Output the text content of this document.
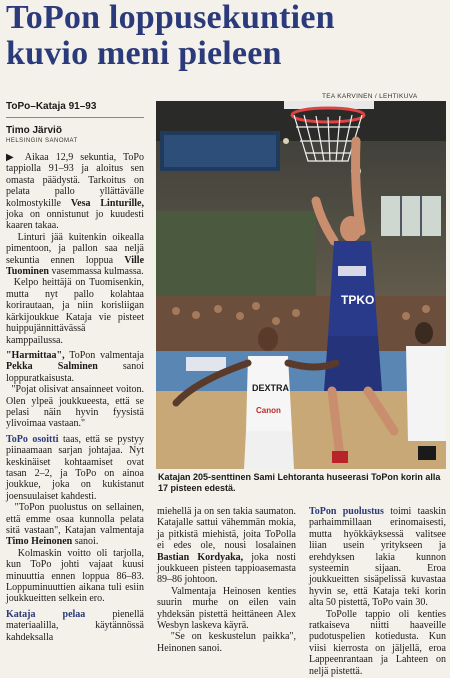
ToPon loppusekuntien
kuvio meni pieleen
TEA KARVINEN / LEHTIKUVA
ToPo–Kataja 91–93
Timo Järviö
HELSINGIN SANOMAT

▶ Aikaa 12,9 sekuntia, ToPo tappiolla 91–93 ja aloitus sen omasta päädystä. Tarkoitus on pelata pallo yllättävälle kolmostykille Vesa Linturille, joka on onnistunut jo kuudesti kaaren takaa.

Linturi jää kuitenkin oikealla pimentoon, ja pallon saa neljä sekuntia ennen loppua Ville Tuominen vasemmassa kulmassa.

Kelpo heittäjä on Tuomisenkin, mutta nyt pallo kolahtaa korirautaan, ja niin korisliigan kärkijoukkue Kataja vie pisteet huippujännittävässä kamppailussa.

"Harmittaa", ToPon valmentaja Pekka Salminen	sanoi loppuratkaisusta.

"Pojat olisivat ansainneet voiton. Olen ylpeä joukkueesta, että se pelasi näin hyvin fyysistä ylivoimaa vastaan."

ToPo osoitti taas, että se pystyy piinaamaan sarjan johtajaa. Nyt keskinäiset kohtaamiset ovat tasan 2–2, ja ToPo on ainoa joukkue, joka on kukistanut joensuulaiset kahdesti.

"ToPon puolustus on sellainen, että emme osaa kunnolla pelata sitä vastaan", Katajan valmentaja Timo Heinonen sanoi.

Kolmaskin voitto oli tarjolla, kun ToPo johti vajaat kuusi minuuttia ennen loppua 86–83. Loppuminuuttien aikana tuli esiin joukkueitten selkein ero.

Kataja pelaa	pienellä materiaalilla, käytännössä kahdeksalla

TPKO
DEXTRA
Canon
Katajan 205-senttinen Sami Lehtoranta huseerasi ToPon korin alla 17 pisteen edestä.

miehellä ja on sen takia saumaton. Katajalle sattui vähemmän mokia, ja pitkistä miehistä, joita ToPolla ei edes ole, nousi losalainen Bastian Kordyaka, joka nosti joukkueen pisteen tappioasemasta 89–86 johtoon.

Valmentaja Heinosen kenties suurin murhe on eilen vain yhdeksän pistettä heittäneen Alex Wesbyn laskeva käyrä.

"Se on keskustelun paikka", Heinonen sanoi.

ToPon puolustus toimi taaskin parhaimmillaan erinomaisesti, mutta hyökkäyksessä valitsee liian usein yritykseen ja erehdyksen lakia kunnon systeemin sijaan. Eroa joukkueitten sisäpelissä kuvastaa hyvin se, että Kataja teki korin alta 50 pistettä, ToPo vain 30.

ToPolle tappio oli kenties ratkaiseva niitti haaveille pudotuspelien kotiedusta. Kun viisi kierrosta on jäljellä, eroa Lappeenrantaan ja Lahteen on neljä pistettä.
